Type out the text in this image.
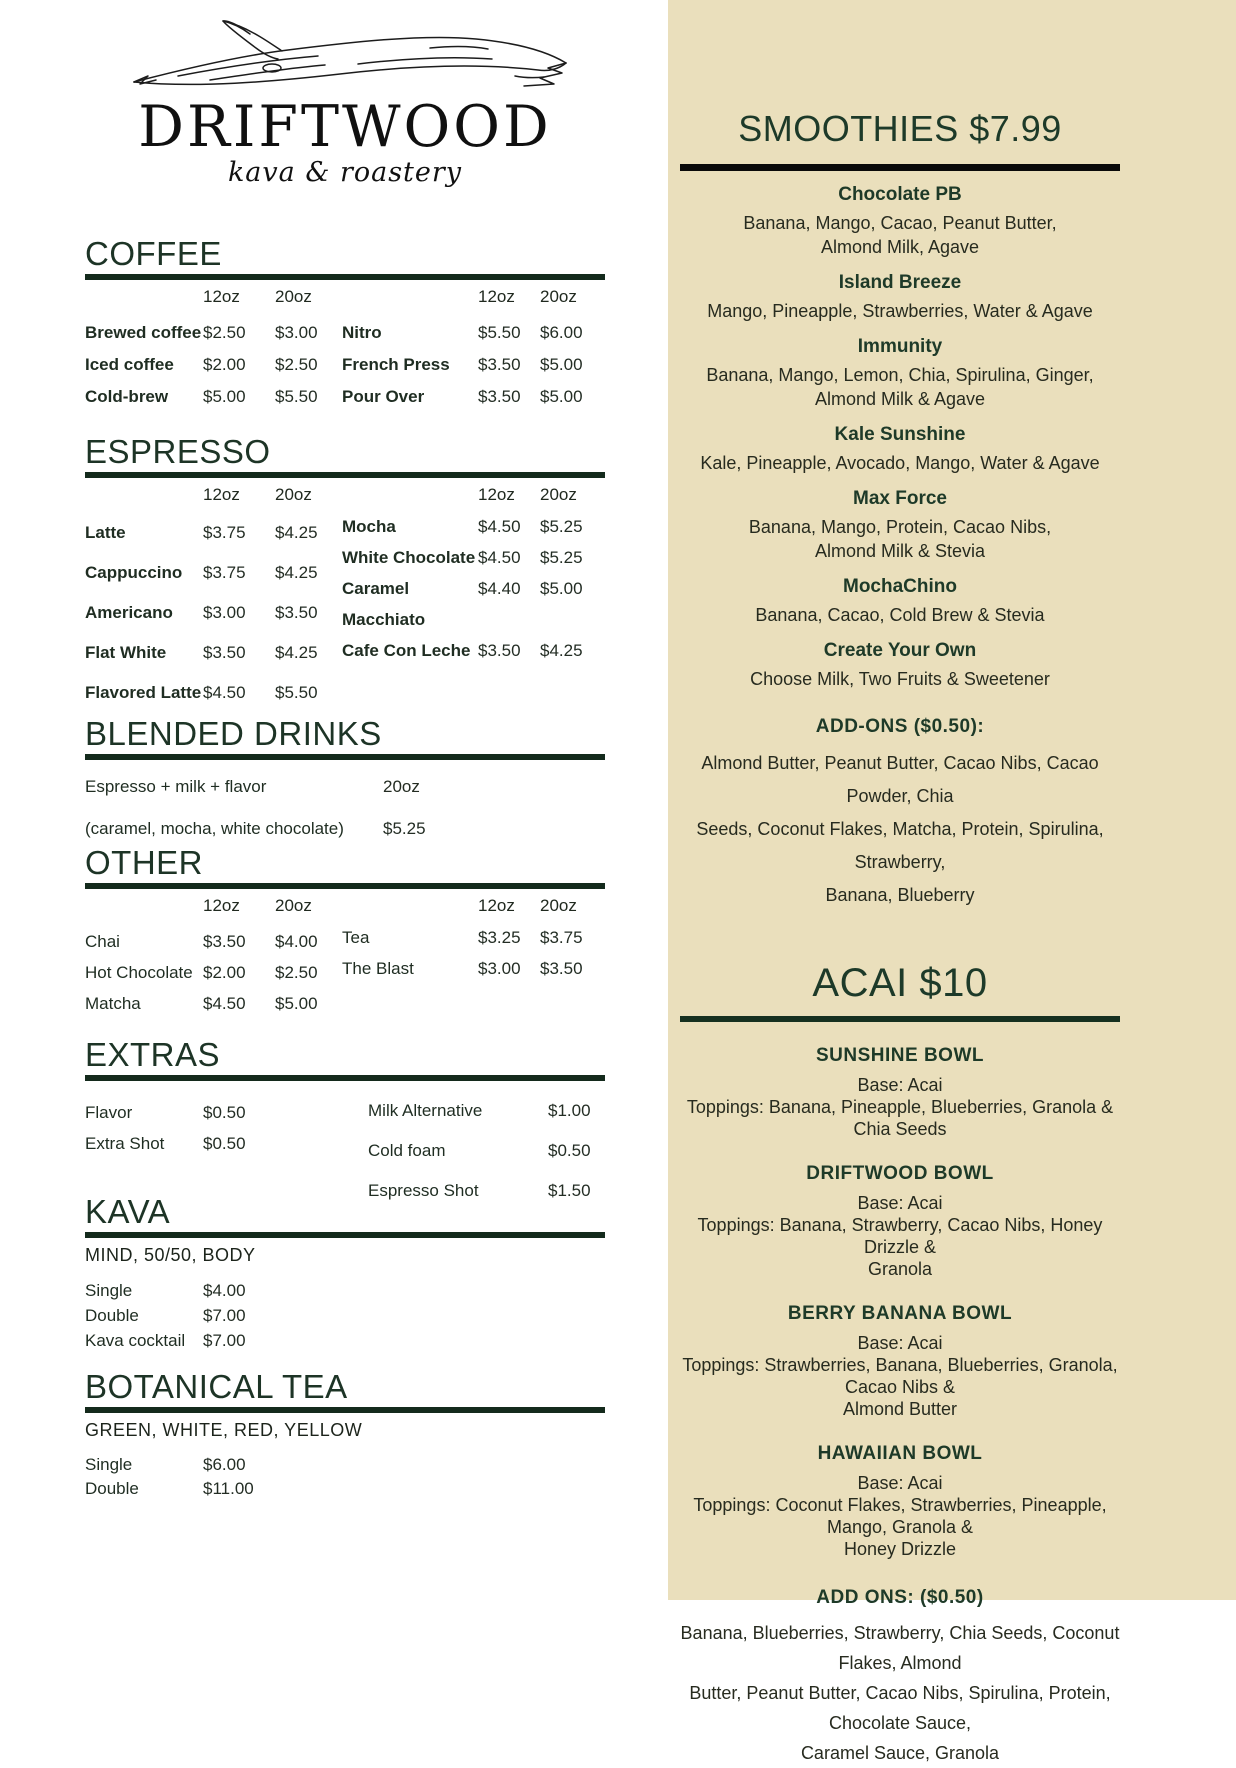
SMOOTHIES $7.99
Chocolate PB
Banana, Mango, Cacao, Peanut Butter,
Almond Milk, Agave
Island Breeze
Mango, Pineapple, Strawberries, Water & Agave
Immunity
Banana, Mango, Lemon, Chia, Spirulina, Ginger,
Almond Milk & Agave
Kale Sunshine
Kale, Pineapple, Avocado, Mango, Water & Agave
Max Force
Banana, Mango, Protein, Cacao Nibs,
Almond Milk & Stevia
MochaChino
Banana, Cacao, Cold Brew & Stevia
Create Your Own
Choose Milk, Two Fruits & Sweetener
ADD-ONS ($0.50):
Almond Butter, Peanut Butter, Cacao Nibs, Cacao Powder, Chia
Seeds, Coconut Flakes, Matcha, Protein, Spirulina, Strawberry,
Banana, Blueberry
ACAI $10
SUNSHINE BOWL
Base: Acai
Toppings: Banana, Pineapple, Blueberries, Granola & Chia Seeds
DRIFTWOOD BOWL
Base: Acai
Toppings: Banana, Strawberry, Cacao Nibs, Honey Drizzle &
Granola
BERRY BANANA BOWL
Base: Acai
Toppings: Strawberries, Banana, Blueberries, Granola, Cacao Nibs &
Almond Butter
HAWAIIAN BOWL
Base: Acai
Toppings: Coconut Flakes, Strawberries, Pineapple, Mango, Granola &
Honey Drizzle
ADD ONS: ($0.50)
Banana, Blueberries, Strawberry, Chia Seeds, Coconut Flakes, Almond
Butter, Peanut Butter, Cacao Nibs, Spirulina, Protein, Chocolate Sauce,
Caramel Sauce, Granola
DRIFTWOOD
kava & roastery
COFFEE
12oz	20oz
Brewed coffee $2.50	$3.00
Iced coffee	$2.00	$2.50
Cold-brew	$5.00	$5.50
12oz	20oz
Nitro	$5.50	$6.00
French Press	$3.50	$5.00
Pour Over	$3.50	$5.00
ESPRESSO
12oz	20oz
Latte	$3.75	$4.25
Cappuccino	$3.75	$4.25
Americano	$3.00	$3.50
Flat White	$3.50	$4.25
Flavored Latte $4.50	$5.50
12oz	20oz
Mocha	$4.50	$5.25
White Chocolate $4.50	$5.25
Caramel	$4.40	$5.00
Macchiato
Cafe Con Leche $3.50	$4.25
BLENDED DRINKS
Espresso + milk + flavor	20oz
(caramel, mocha, white chocolate)	$5.25
OTHER
12oz	20oz
Chai	$3.50	$4.00
Hot Chocolate $2.00	$2.50
Matcha	$4.50	$5.00
12oz	20oz
Tea	$3.25	$3.75
The Blast	$3.00	$3.50
EXTRAS
Flavor	$0.50
Extra Shot	$0.50
Milk Alternative	$1.00
Cold foam	$0.50
Espresso Shot	$1.50
KAVA
MIND, 50/50, BODY
Single	$4.00
Double	$7.00
Kava cocktail	$7.00
BOTANICAL TEA
GREEN, WHITE, RED, YELLOW
Single	$6.00
Double	$11.00
